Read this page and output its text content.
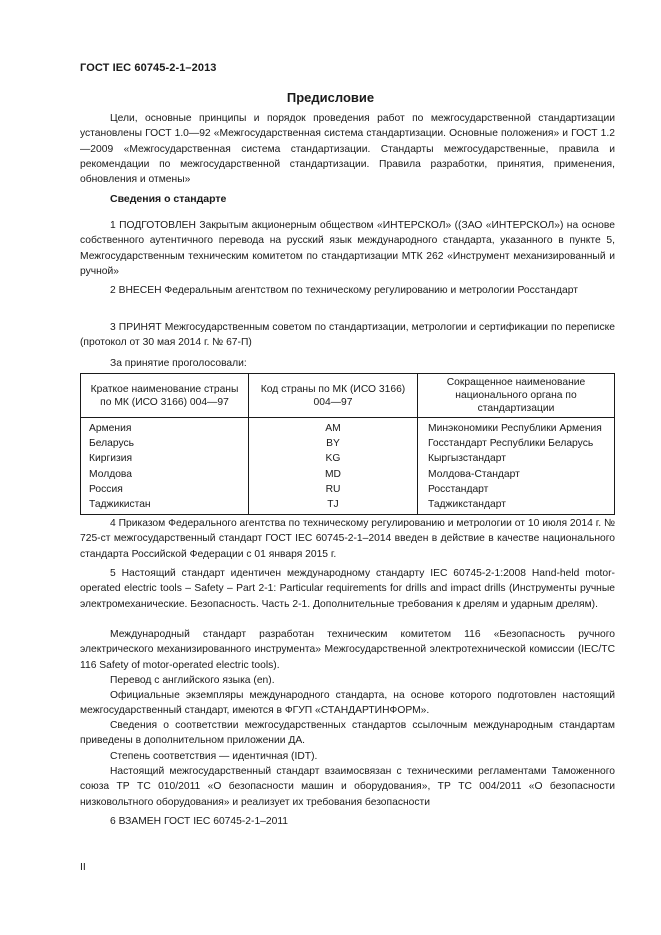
ГОСТ IEC 60745-2-1–2013
Предисловие

Цели, основные принципы и порядок проведения работ по межгосударственной стандартизации установлены ГОСТ 1.0—92 «Межгосударственная система стандартизации. Основные положения» и ГОСТ 1.2—2009 «Межгосударственная система стандартизации. Стандарты межгосударственные, правила и рекомендации по межгосударственной стандартизации. Правила разработки, принятия, применения, обновления и отмены»

Сведения о стандарте

1 ПОДГОТОВЛЕН Закрытым акционерным обществом «ИНТЕРСКОЛ» ((ЗАО «ИНТЕРСКОЛ») на основе собственного аутентичного перевода на русский язык международного стандарта, указанного в пункте 5, Межгосударственным техническим комитетом по стандартизации МТК 262 «Инструмент механизированный и ручной»

2 ВНЕСЕН Федеральным агентством по техническому регулированию и метрологии Росстандарт

3 ПРИНЯТ Межгосударственным советом по стандартизации, метрологии и сертификации по переписке (протокол от 30 мая 2014 г. № 67-П)

За принятие проголосовали:
Краткое наименование страны по МК (ИСО 3166) 004—97	Код страны по МК (ИСО 3166) 004—97	Сокращенное наименование национального органа по стандартизации
Армения	AM	Минэкономики Республики Армения
Беларусь	BY	Госстандарт Республики Беларусь
Киргизия	KG	Кыргызстандарт
Молдова	MD	Молдова-Стандарт
Россия	RU	Росстандарт
Таджикистан	TJ	Таджикстандарт

4 Приказом Федерального агентства по техническому регулированию и метрологии от 10 июля 2014 г. № 725-ст межгосударственный стандарт ГОСТ IEC 60745-2-1–2014 введен в действие в качестве национального стандарта Российской Федерации с 01 января 2015 г.

5 Настоящий стандарт идентичен международному стандарту IEC 60745-2-1:2008 Hand-held motor-operated electric tools – Safety – Part 2-1: Particular requirements for drills and impact drills (Инструменты ручные электромеханические. Безопасность. Часть 2-1. Дополнительные требования к дрелям и ударным дрелям).

Международный стандарт разработан техническим комитетом 116 «Безопасность ручного электрического механизированного инструмента» Межгосударственной электротехнической комиссии (IEC/TC 116 Safety of motor-operated electric tools).

Перевод с английского языка (en).

Официальные экземпляры международного стандарта, на основе которого подготовлен настоящий межгосударственный стандарт, имеются в ФГУП «СТАНДАРТИНФОРМ».

Сведения о соответствии межгосударственных стандартов ссылочным международным стандартам приведены в дополнительном приложении ДА.

Степень соответствия — идентичная (IDT).

Настоящий межгосударственный стандарт взаимосвязан с техническими регламентами Таможенного союза ТР ТС 010/2011 «О безопасности машин и оборудования», ТР ТС 004/2011 «О безопасности низковольтного оборудования» и реализует их требования безопасности

6 ВЗАМЕН ГОСТ IEC 60745-2-1–2011

II
